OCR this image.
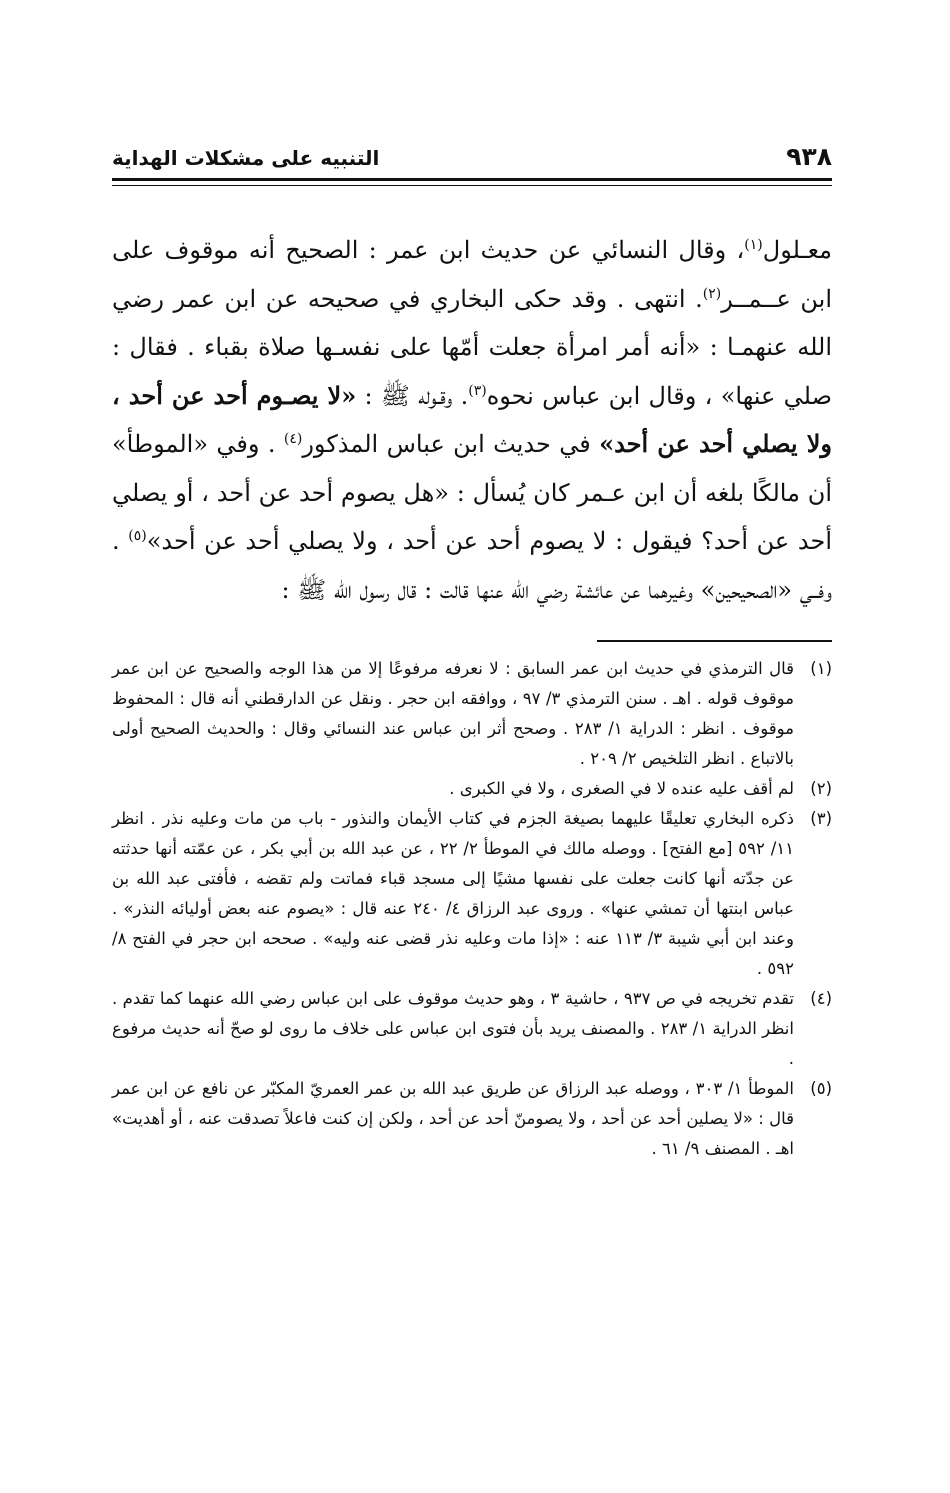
٩٣٨
التنبيه على مشكلات الهداية

معـلول$^{(١)}$، وقال النسائي عن حديث ابن عمر : الصحيح أنه موقوف على ابن عــمــر$^{(٢)}$. انتهى . وقد حكى البخاري في صحيحه عن ابن عمر رضي الله عنهمـا : «أنه أمر امرأة جعلت أمّها على نفسـها صلاة بقباء . فقال : صلي عنها» ، وقال ابن عباس نحوه$^{(٣)}$. وقـوله ﷺ : «لا يصـوم أحد عن أحد ، ولا يصلي أحد عن أحد» في حديث ابن عباس المذكور$^{(٤)}$ . وفي «الموطأ» أن مالكًا بلغه أن ابن عـمر كان يُسأل : «هل يصوم أحد عن أحد ، أو يصلي أحد عن أحد؟ فيقول : لا يصوم أحد عن أحد ، ولا يصلي أحد عن أحد»$^{(٥)}$ . وفــي «الصحيحين» وغيرهما عن عائشة رضي الله عنها قالت : قال رسول الله ﷺ :

(١)
قال الترمذي في حديث ابن عمر السابق : لا نعرفه مرفوعًا إلا من هذا الوجه والصحيح عن ابن عمر موقوف قوله . اهـ . سنن الترمذي ٣/ ٩٧ ، ووافقه ابن حجر . ونقل عن الدارقطني أنه قال : المحفوظ موقوف . انظر : الدراية ١/ ٢٨٣ . وصحح أثر ابن عباس عند النسائي وقال : والحديث الصحيح أولى بالاتباع . انظر التلخيص ٢/ ٢٠٩ .
(٢)
لم أقف عليه عنده لا في الصغرى ، ولا في الكبرى .
(٣)
ذكره البخاري تعليقًا عليهما بصيغة الجزم في كتاب الأيمان والنذور - باب من مات وعليه نذر . انظر ١١/ ٥٩٢ [مع الفتح] . ووصله مالك في الموطأ ٢/ ٢٢ ، عن عبد الله بن أبي بكر ، عن عمّته أنها حدثته عن جدّته أنها كانت جعلت على نفسها مشيًا إلى مسجد قباء فماتت ولم تقضه ، فأفتى عبد الله بن عباس ابنتها أن تمشي عنها» . وروى عبد الرزاق ٤/ ٢٤٠ عنه قال : «يصوم عنه بعض أوليائه النذر» . وعند ابن أبي شيبة ٣/ ١١٣ عنه : «إذا مات وعليه نذر قضى عنه وليه» . صححه ابن حجر في الفتح ٨/ ٥٩٢ .
(٤)
تقدم تخريجه في ص ٩٣٧ ، حاشية ٣ ، وهو حديث موقوف على ابن عباس رضي الله عنهما كما تقدم . انظر الدراية ١/ ٢٨٣ . والمصنف يريد بأن فتوى ابن عباس على خلاف ما روى لو صحّ أنه حديث مرفوع .
(٥)
الموطأ ١/ ٣٠٣ ، ووصله عبد الرزاق عن طريق عبد الله بن عمر العمريّ المكبّر عن نافع عن ابن عمر قال : «لا يصلين أحد عن أحد ، ولا يصومنّ أحد عن أحد ، ولكن إن كنت فاعلاً تصدقت عنه ، أو أهديت» اهـ . المصنف ٩/ ٦١ .
